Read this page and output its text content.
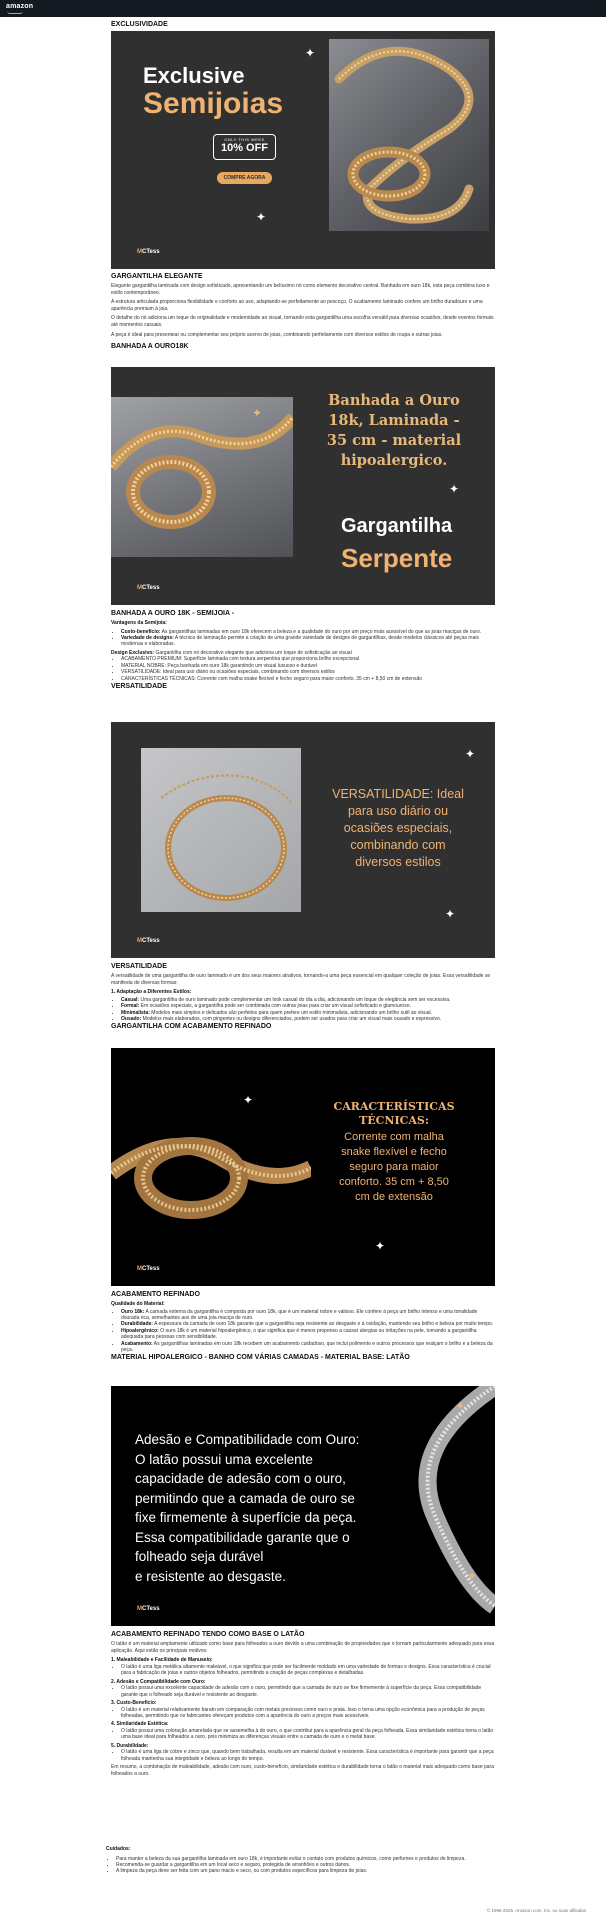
amazon
EXCLUSIVIDADE
Exclusive
Semijoias
ONLY THIS WEEK
10% OFF
COMPRE AGORA
✦
✦
MCTess
GARGANTILHA ELEGANTE
Elegante gargantilha laminada com design sofisticado, apresentando um belíssimo nó como elemento decorativo central. Banhada em ouro 18k, esta peça combina luxo e estilo contemporâneo.
A estrutura articulada proporciona flexibilidade e conforto ao uso, adaptando-se perfeitamente ao pescoço. O acabamento laminado confere um brilho duradouro e uma aparência premium à joia.
O detalhe do nó adiciona um toque de originalidade e modernidade ao visual, tornando esta gargantilha uma escolha versátil para diversas ocasiões, desde eventos formais até momentos casuais.
A peça é ideal para presentear ou complementar seu próprio acervo de joias, combinando perfeitamente com diversos estilos de roupa e outras joias.
BANHADA A OURO18K
✦
Banhada a Ouro
18k, Laminada -
35 cm - material
hipoalergico.
✦
Gargantilha
Serpente
MCTess
BANHADA A OURO 18K - SEMIJOIA -
Vantagens da Semijoia:
• Custo-benefício: As gargantilhas laminadas em ouro 18k oferecem a beleza e a qualidade do ouro por um preço mais acessível do que as joias maciças de ouro.
• Variedade de designs: A técnica de laminação permite a criação de uma grande variedade de designs de gargantilhas, desde modelos clássicos até peças mais modernas e elaboradas.
Design Exclusivo: Gargantilha com nó decorativo elegante que adiciona um toque de sofisticação ao visual
• ACABAMENTO PREMIUM: Superfície laminada com textura serpentina que proporciona brilho excepcional
• MATERIAL NOBRE: Peça banhada em ouro 18k garantindo um visual luxuoso e durável
• VERSATILIDADE: Ideal para uso diário ou ocasiões especiais, combinando com diversos estilos
• CARACTERÍSTICAS TÉCNICAS: Corrente com malha snake flexível e fecho seguro para maior conforto. 35 cm + 8,50 cm de extensão
VERSATILIDADE
✦
VERSATILIDADE: Ideal
para uso diário ou
ocasiões especiais,
combinando com
diversos estilos
✦
MCTess
VERSATILIDADE
A versatilidade de uma gargantilha de ouro laminado é um dos seus maiores atrativos, tornando-a uma peça essencial em qualquer coleção de joias. Essa versatilidade se manifesta de diversas formas:
1. Adaptação a Diferentes Estilos:
• Casual: Uma gargantilha de ouro laminado pode complementar um look casual do dia a dia, adicionando um toque de elegância sem ser excessiva.
• Formal: Em ocasiões especiais, a gargantilha pode ser combinada com outras joias para criar um visual sofisticado e glamouroso.
• Minimalista: Modelos mais simples e delicados são perfeitos para quem prefere um estilo minimalista, adicionando um brilho sutil ao visual.
• Ousado: Modelos mais elaborados, com pingentes ou designs diferenciados, podem ser usados para criar um visual mais ousado e expressivo.
GARGANTILHA COM ACABAMENTO REFINADO
✦	CARACTERÍSTICAS
TÉCNICAS:
Corrente com malha
snake flexível e fecho
seguro para maior
conforto. 35 cm + 8,50
cm de extensão
✦
MCTess
ACABAMENTO REFINADO
Qualidade do Material:
• Ouro 18k: A camada externa da gargantilha é composta por ouro 18k, que é um material nobre e valioso. Ele confere à peça um brilho intenso e uma tonalidade dourada rica, semelhantes aos de uma joia maciça de ouro.
• Durabilidade: A espessura da camada de ouro 18k garante que a gargantilha seja resistente ao desgaste e à oxidação, mantendo seu brilho e beleza por muito tempo.
• Hipoalergênico: O ouro 18k é um material hipoalergênico, o que significa que é menos propenso a causar alergias ou irritações na pele, tornando a gargantilha adequada para pessoas com sensibilidade.
• Acabamento: As gargantilhas laminadas em ouro 18k recebem um acabamento cuidadoso, que inclui polimento e outros processos que realçam o brilho e a beleza da peça.
MATERIAL HIPOALERGICO - BANHO COM VÁRIAS CAMADAS - MATERIAL BASE: LATÃO
✦
✦
Adesão e Compatibilidade com Ouro:
O latão possui uma excelente
capacidade de adesão com o ouro,
permitindo que a camada de ouro se
fixe firmemente à superfície da peça.
Essa compatibilidade garante que o
folheado seja durável
e resistente ao desgaste.
MCTess
ACABAMENTO REFINADO TENDO COMO BASE O LATÃO
O latão é um material amplamente utilizado como base para folheados a ouro devido a uma combinação de propriedades que o tornam particularmente adequado para essa aplicação. Aqui estão os principais motivos:
1. Maleabilidade e Facilidade de Manuseio:
• O latão é uma liga metálica altamente maleável, o que significa que pode ser facilmente moldado em uma variedade de formas e designs. Essa característica é crucial para a fabricação de joias e outros objetos folheados, permitindo a criação de peças complexas e detalhadas.
2. Adesão e Compatibilidade com Ouro:
• O latão possui uma excelente capacidade de adesão com o ouro, permitindo que a camada de ouro se fixe firmemente à superfície da peça. Essa compatibilidade garante que o folheado seja durável e resistente ao desgaste.
3. Custo-Benefício:
• O latão é um material relativamente barato em comparação com metais preciosos como ouro e prata. Isso o torna uma opção econômica para a produção de peças folheadas, permitindo que os fabricantes ofereçam produtos com a aparência do ouro a preços mais acessíveis.
4. Similaridade Estética:
• O latão possui uma coloração amarelada que se assemelha à do ouro, o que contribui para a aparência geral da peça folheada. Essa similaridade estética torna o latão uma base ideal para folheados a ouro, pois minimiza as diferenças visuais entre a camada de ouro e o metal base.
5. Durabilidade:
• O latão é uma liga de cobre e zinco que, quando bem trabalhada, resulta em um material durável e resistente. Essa característica é importante para garantir que a peça folheada mantenha sua integridade e beleza ao longo do tempo.
Em resumo, a combinação de maleabilidade, adesão com ouro, custo-benefício, similaridade estética e durabilidade torna o latão o material mais adequado como base para folheados a ouro.
Cuidados:
• Para manter a beleza da sua gargantilha laminada em ouro 18k, é importante evitar o contato com produtos químicos, como perfumes e produtos de limpeza.
• Recomenda-se guardar a gargantilha em um local seco e seguro, protegida de arranhões e outros danos.
• A limpeza da peça deve ser feita com um pano macio e seco, ou com produtos específicos para limpeza de joias.
© 1996-2025, Amazon.com, Inc. ou suas afiliadas
